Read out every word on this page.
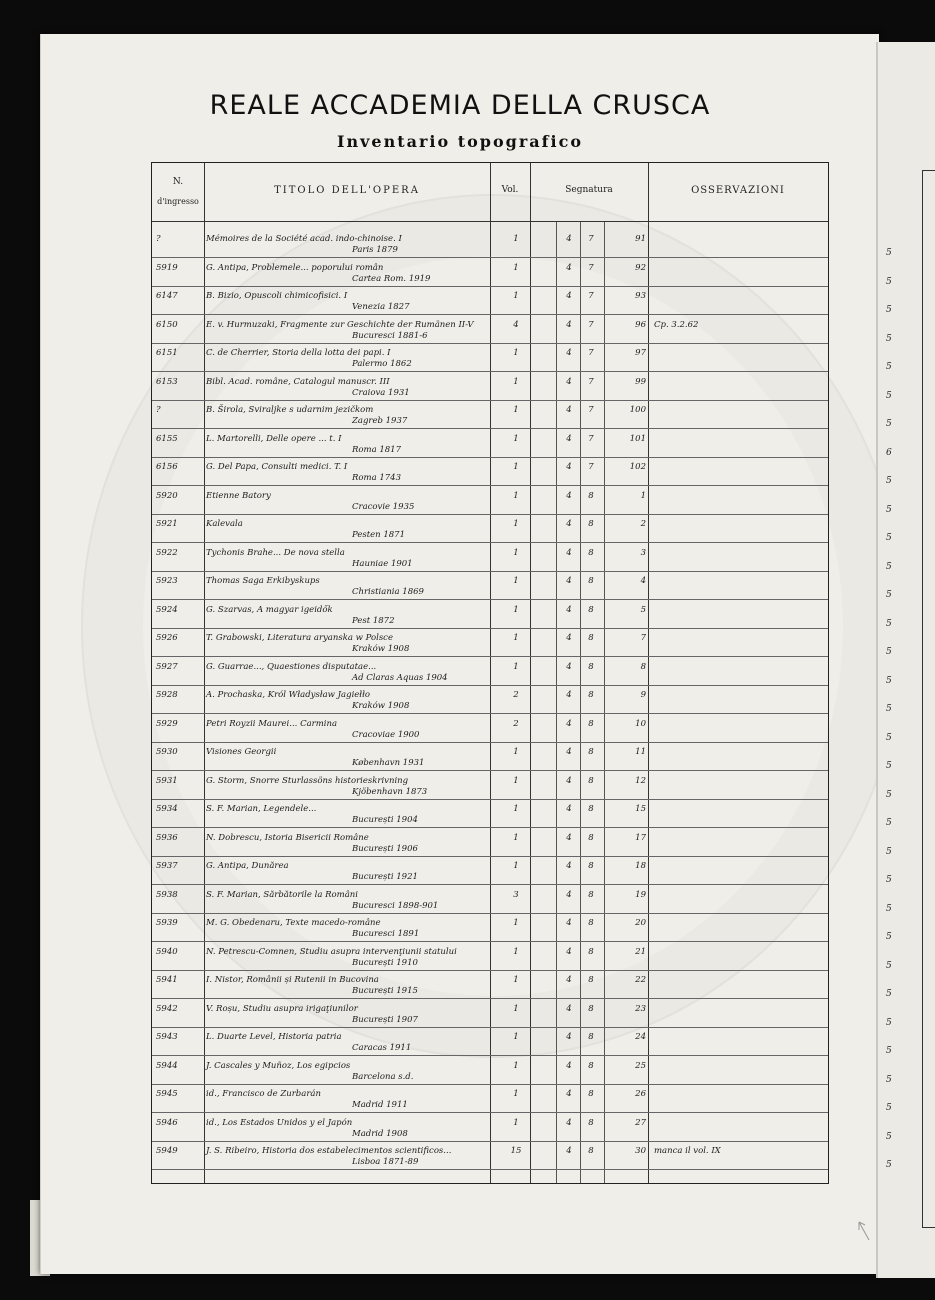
REALE ACCADEMIA DELLA CRUSCA
Inventario topografico
N.
d'ingresso
TITOLO DELL'OPERA	Vol.	Segnatura	OSSERVAZIONI
?	Mémoires de la Société acad. indo-chinoise. I
Paris 1879
1	4	7	91
5919	G. Antipa, Problemele... poporului român
Cartea Rom. 1919
1	4	7	92
6147	B. Bizio, Opuscoli chimicofisici. I
Venezia 1827
1	4	7	93
6150	E. v. Hurmuzaki, Fragmente zur Geschichte der Rumänen II-V
Bucuresci 1881-6
4	4	7	96 Cp. 3.2.62
6151	C. de Cherrier, Storia della lotta dei papi. I
Palermo 1862
1	4	7	97
6153	Bibl. Acad. române, Catalogul manuscr. III
Craiova 1931
1	4	7	99
?	B. Širola, Sviraljke s udarnim jezičkom
Zagreb 1937
1	4	7	100
6155	L. Martorelli, Delle opere ... t. I
Roma 1817
1	4	7	101
6156	G. Del Papa, Consulti medici. T. I
Roma 1743
1	4	7	102
5920	Etienne Batory
Cracovie 1935
1	4	8	1
5921	Kalevala
Pesten 1871
1	4	8	2
5922	Tychonis Brahe... De nova stella
Hauniae 1901
1	4	8	3
5923	Thomas Saga Erkibyskups
Christiania 1869
1	4	8	4
5924	G. Szarvas, A magyar igeidők
Pest 1872
1	4	8	5
5926	T. Grabowski, Literatura aryanska w Polsce
Kraków 1908
1	4	8	7
5927	G. Guarrae..., Quaestiones disputatae...
Ad Claras Aquas 1904
1	4	8	8
5928	A. Prochaska, Król Władysław Jagiełło
Kraków 1908
2	4	8	9
5929	Petri Royzii Maurei... Carmina
Cracoviae 1900
2	4	8	10
5930	Visiones Georgii
København 1931
1	4	8	11
5931	G. Storm, Snorre Sturlassöns historieskrivning
Kjöbenhavn 1873
1	4	8	12
5934	S. F. Marian, Legendele...
București 1904
1	4	8	15
5936	N. Dobrescu, Istoria Bisericii Române
București 1906
1	4	8	17
5937	G. Antipa, Dunărea
București 1921
1	4	8	18
5938	S. F. Marian, Sărbătorile la Români
Bucuresci 1898-901
3	4	8	19
5939	M. G. Obedenaru, Texte macedo-române
Bucuresci 1891
1	4	8	20
5940	N. Petrescu-Comnen, Studiu asupra intervenţiunii statului
București 1910
1	4	8	21
5941	I. Nistor, Românii și Rutenii in Bucovina
București 1915
1	4	8	22
5942	V. Roșu, Studiu asupra irigaţiunilor
București 1907
1	4	8	23
5943	L. Duarte Level, Historia patria
Caracas 1911
1	4	8	24
5944	J. Cascales y Muñoz, Los egipcios
Barcelona s.d.
1	4	8	25
5945	id., Francisco de Zurbarán
Madrid 1911
1	4	8	26
5946	id., Los Estados Unidos y el Japón
Madrid 1908
1	4	8	27
5949	J. S. Ribeiro, Historia dos estabelecimentos scientificos...
Lisboa 1871-89
15	4	8	30 manca il vol. IX
5
5
5
5
5
5
5
6
5
5
5
5
5
5
5
5
5
5
5
5
5
5
5
5
5
5
5
5
5
5
5
5
5
